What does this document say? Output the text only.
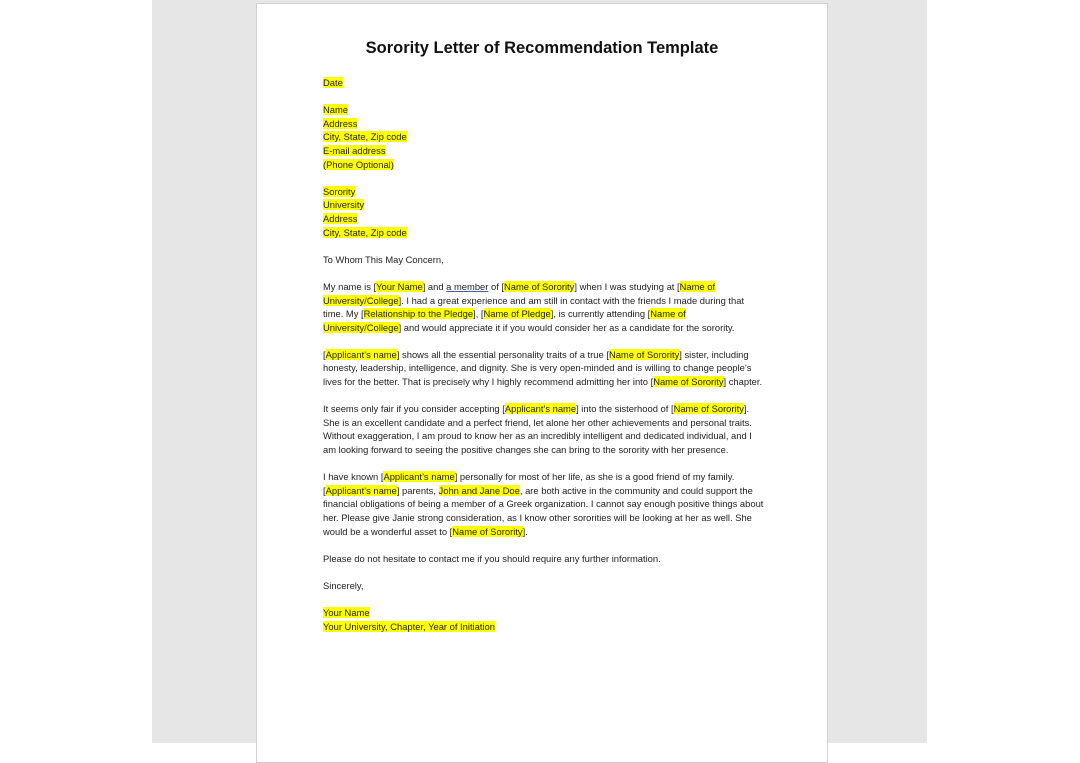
Sorority Letter of Recommendation Template
Date
Name
Address
City, State, Zip code
E-mail address
(Phone Optional)
Sorority
University
Address
City, State, Zip code
To Whom This May Concern,
My name is [Your Name] and a member of [Name of Sorority] when I was studying at [Name of University/College]. I had a great experience and am still in contact with the friends I made during that time. My [Relationship to the Pledge], [Name of Pledge], is currently attending [Name of University/College] and would appreciate it if you would consider her as a candidate for the sorority.
[Applicant’s name] shows all the essential personality traits of a true [Name of Sorority] sister, including honesty, leadership, intelligence, and dignity. She is very open-minded and is willing to change people’s lives for the better. That is precisely why I highly recommend admitting her into [Name of Sorority] chapter.
It seems only fair if you consider accepting [Applicant’s name] into the sisterhood of [Name of Sorority]. She is an excellent candidate and a perfect friend, let alone her other achievements and personal traits. Without exaggeration, I am proud to know her as an incredibly intelligent and dedicated individual, and I am looking forward to seeing the positive changes she can bring to the sorority with her presence.
I have known [Applicant’s name] personally for most of her life, as she is a good friend of my family. [Applicant’s name] parents, John and Jane Doe, are both active in the community and could support the financial obligations of being a member of a Greek organization. I cannot say enough positive things about her. Please give Janie strong consideration, as I know other sororities will be looking at her as well. She would be a wonderful asset to [Name of Sorority].
Please do not hesitate to contact me if you should require any further information.
Sincerely,
Your Name
Your University, Chapter, Year of Initiation
